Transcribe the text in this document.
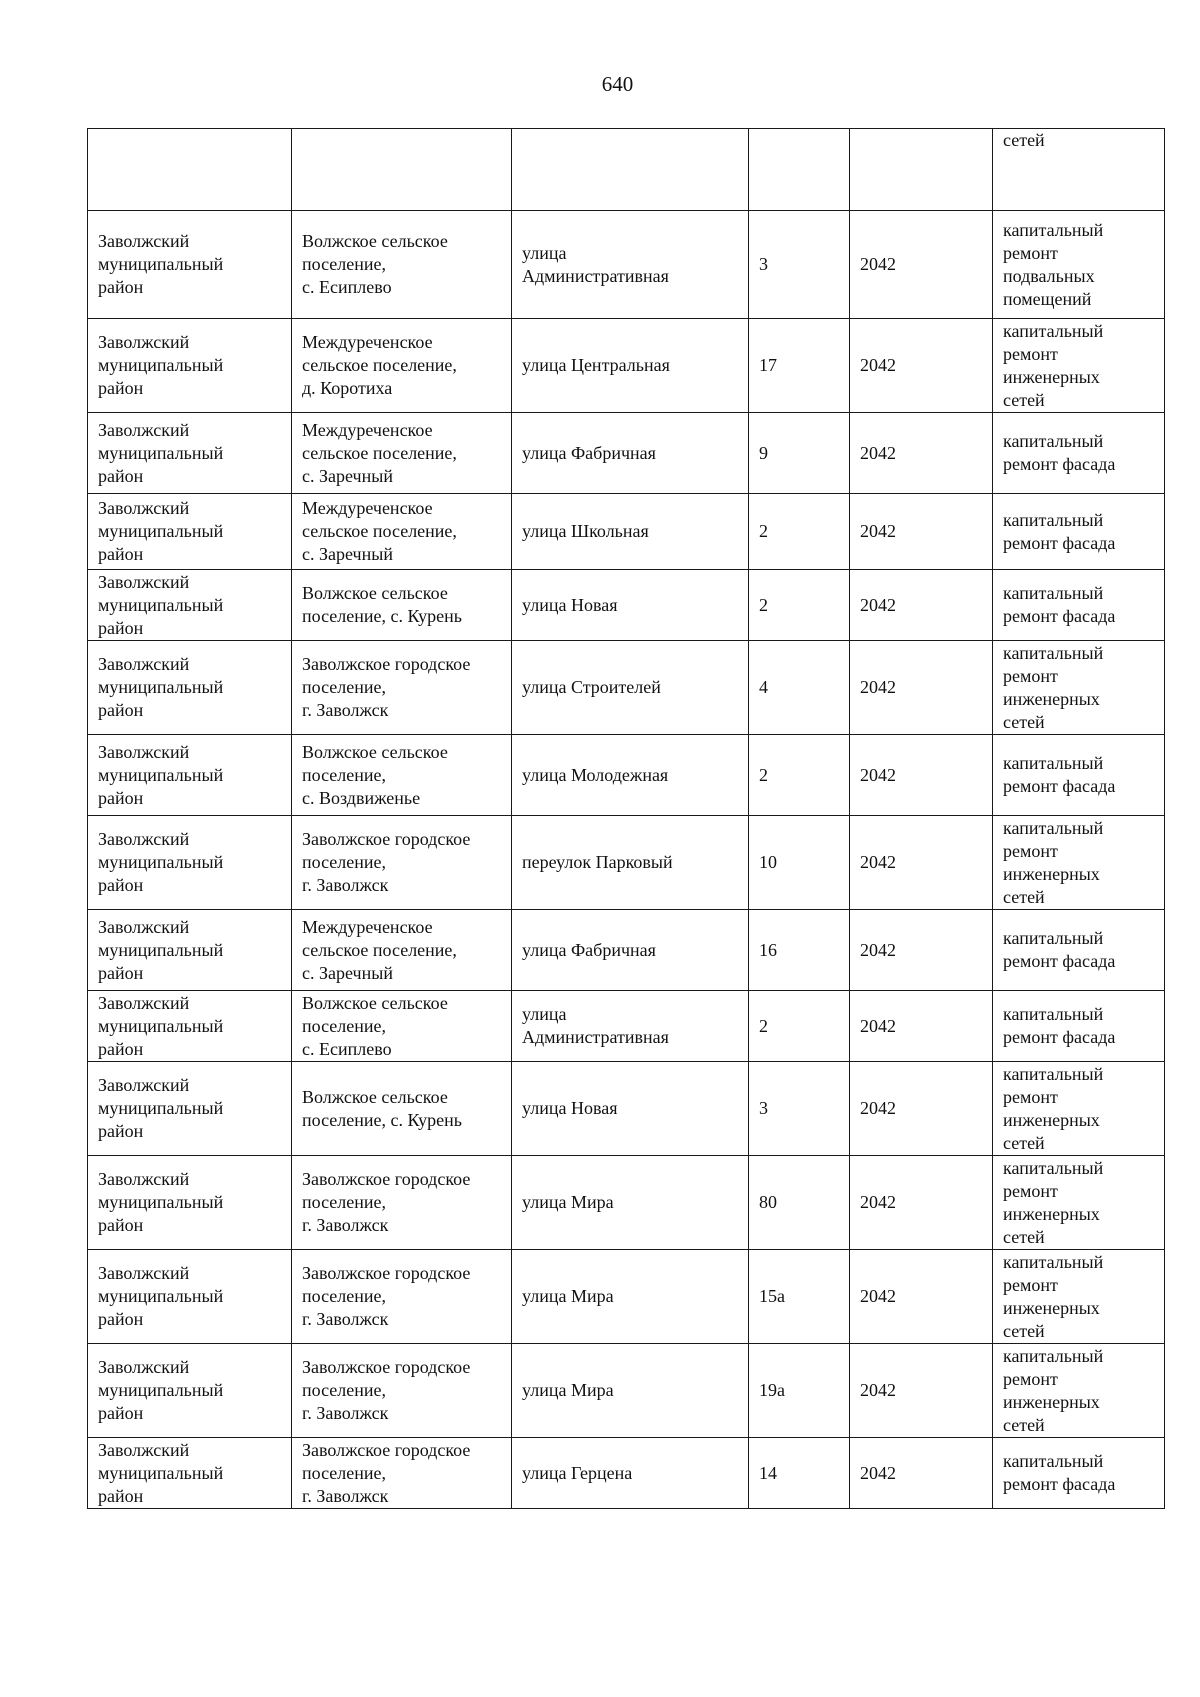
640

					сетей

Заволжский
муниципальный
район	Волжское сельское
поселение,
с. Есиплево	улица
Административная	3	2042	капитальный
ремонт
подвальных
помещений

Заволжский
муниципальный
район	Междуреченское
сельское поселение,
д. Коротиха	улица Центральная	17	2042	капитальный
ремонт
инженерных
сетей

Заволжский
муниципальный
район	Междуреченское
сельское поселение,
с. Заречный	улица Фабричная	9	2042	капитальный
ремонт фасада

Заволжский
муниципальный
район	Междуреченское
сельское поселение,
с. Заречный	улица Школьная	2	2042	капитальный
ремонт фасада

Заволжский
муниципальный
район	Волжское сельское
поселение, с. Курень	улица Новая	2	2042	капитальный
ремонт фасада

Заволжский
муниципальный
район	Заволжское городское
поселение,
г. Заволжск	улица Строителей	4	2042	капитальный
ремонт
инженерных
сетей

Заволжский
муниципальный
район	Волжское сельское
поселение,
с. Воздвиженье	улица Молодежная	2	2042	капитальный
ремонт фасада

Заволжский
муниципальный
район	Заволжское городское
поселение,
г. Заволжск	переулок Парковый	10	2042	капитальный
ремонт
инженерных
сетей

Заволжский
муниципальный
район	Междуреченское
сельское поселение,
с. Заречный	улица Фабричная	16	2042	капитальный
ремонт фасада

Заволжский
муниципальный
район	Волжское сельское
поселение,
с. Есиплево	улица
Административная	2	2042	капитальный
ремонт фасада

Заволжский
муниципальный
район	Волжское сельское
поселение, с. Курень	улица Новая	3	2042	капитальный
ремонт
инженерных
сетей

Заволжский
муниципальный
район	Заволжское городское
поселение,
г. Заволжск	улица Мира	80	2042	капитальный
ремонт
инженерных
сетей

Заволжский
муниципальный
район	Заволжское городское
поселение,
г. Заволжск	улица Мира	15а	2042	капитальный
ремонт
инженерных
сетей

Заволжский
муниципальный
район	Заволжское городское
поселение,
г. Заволжск	улица Мира	19а	2042	капитальный
ремонт
инженерных
сетей

Заволжский
муниципальный
район	Заволжское городское
поселение,
г. Заволжск	улица Герцена	14	2042	капитальный
ремонт фасада
